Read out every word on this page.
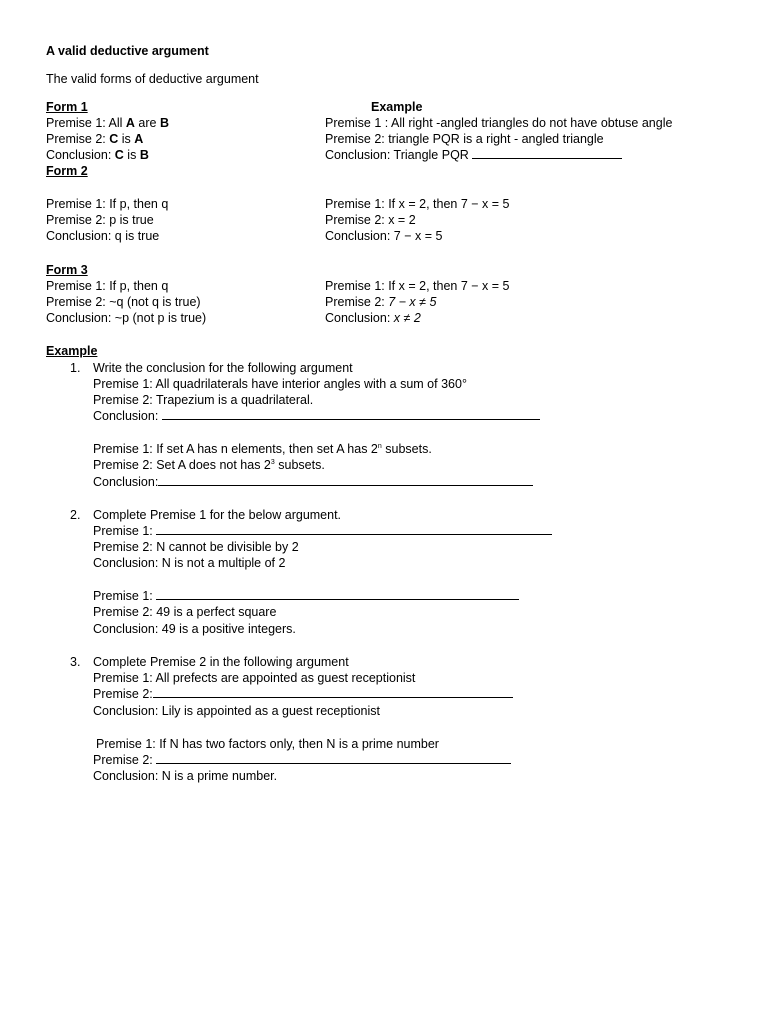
A valid deductive argument
The valid forms of deductive argument
Form 1	Example
Premise 1: All A are B
Premise 2: C is A
Conclusion: C is B
Premise 1 : All right -angled triangles do not have obtuse angle
Premise 2: triangle PQR is a right - angled triangle
Conclusion: Triangle PQR
Form 2
Premise 1: If p, then q
Premise 2: p is true
Conclusion: q is true
Premise 1: If x = 2, then 7 − x = 5
Premise 2: x = 2
Conclusion: 7 − x = 5
Form 3
Premise 1: If p, then q
Premise 2: ~q (not q is true)
Conclusion: ~p (not p is true)
Premise 1: If x = 2, then 7 − x = 5
Premise 2: 7 − x ≠ 5
Conclusion: x ≠ 2
Example
1. Write the conclusion for the following argument
Premise 1: All quadrilaterals have interior angles with a sum of 360°
Premise 2: Trapezium is a quadrilateral.
Conclusion:
Premise 1: If set A has n elements, then set A has 2$^n$ subsets.
Premise 2: Set A does not has $2^3$ subsets.
Conclusion:
2. Complete Premise 1 for the below argument.
Premise 1:
Premise 2: N cannot be divisible by 2
Conclusion: N is not a multiple of 2
Premise 1:
Premise 2: 49 is a perfect square
Conclusion: 49 is a positive integers.
3. Complete Premise 2 in the following argument
Premise 1: All prefects are appointed as guest receptionist
Premise 2:
Conclusion: Lily is appointed as a guest receptionist
Premise 1: If N has two factors only, then N is a prime number
Premise 2:
Conclusion: N is a prime number.
